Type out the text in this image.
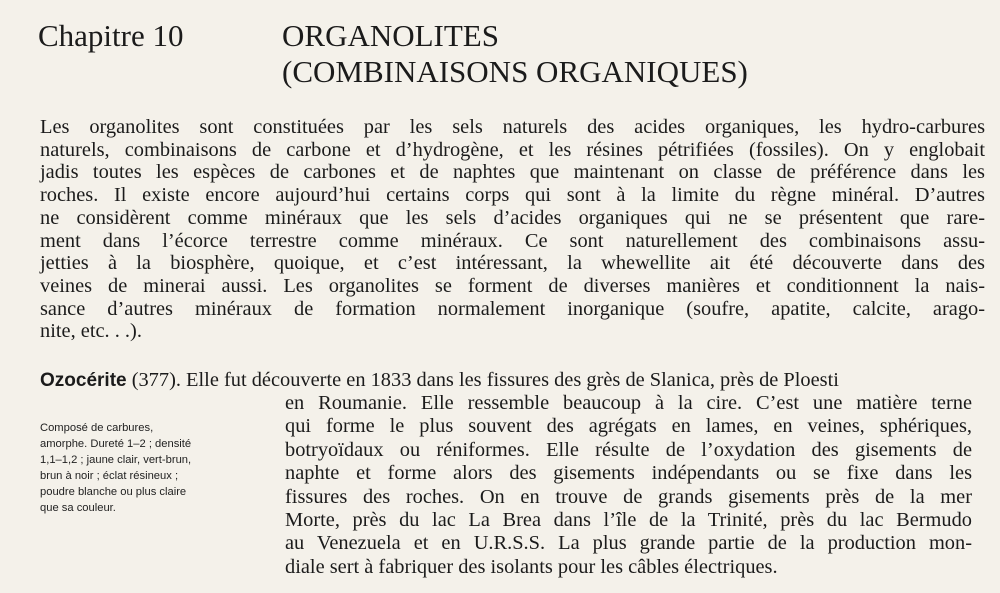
Chapitre 10	ORGANOLITES
(COMBINAISONS ORGANIQUES)
Les organolites sont constituées par les sels naturels des acides organiques, les hydro-carbures
naturels, combinaisons de carbone et d’hydrogène, et les résines pétrifiées (fossiles). On y englobait
jadis toutes les espèces de carbones et de naphtes que maintenant on classe de préférence dans les
roches. Il existe encore aujourd’hui certains corps qui sont à la limite du règne minéral. D’autres
ne considèrent comme minéraux que les sels d’acides organiques qui ne se présentent que rare-
ment dans l’écorce terrestre comme minéraux. Ce sont naturellement des combinaisons assu-
jetties à la biosphère, quoique, et c’est intéressant, la whewellite ait été découverte dans des
veines de minerai aussi. Les organolites se forment de diverses manières et conditionnent la nais-
sance d’autres minéraux de formation normalement inorganique (soufre, apatite, calcite, arago-
nite, etc. . .).
Ozocérite (377). Elle fut découverte en 1833 dans les fissures des grès de Slanica, près de Ploesti
en Roumanie. Elle ressemble beaucoup à la cire. C’est une matière terne
qui forme le plus souvent des agrégats en lames, en veines, sphériques,
botryoïdaux ou réniformes. Elle résulte de l’oxydation des gisements de
naphte et forme alors des gisements indépendants ou se fixe dans les
fissures des roches. On en trouve de grands gisements près de la mer
Morte, près du lac La Brea dans l’île de la Trinité, près du lac Bermudo
au Venezuela et en U.R.S.S. La plus grande partie de la production mon-
diale sert à fabriquer des isolants pour les câbles électriques.
Composé de carbures,
amorphe. Dureté 1–2 ; densité
1,1–1,2 ; jaune clair, vert-brun,
brun à noir ; éclat résineux ;
poudre blanche ou plus claire
que sa couleur.
